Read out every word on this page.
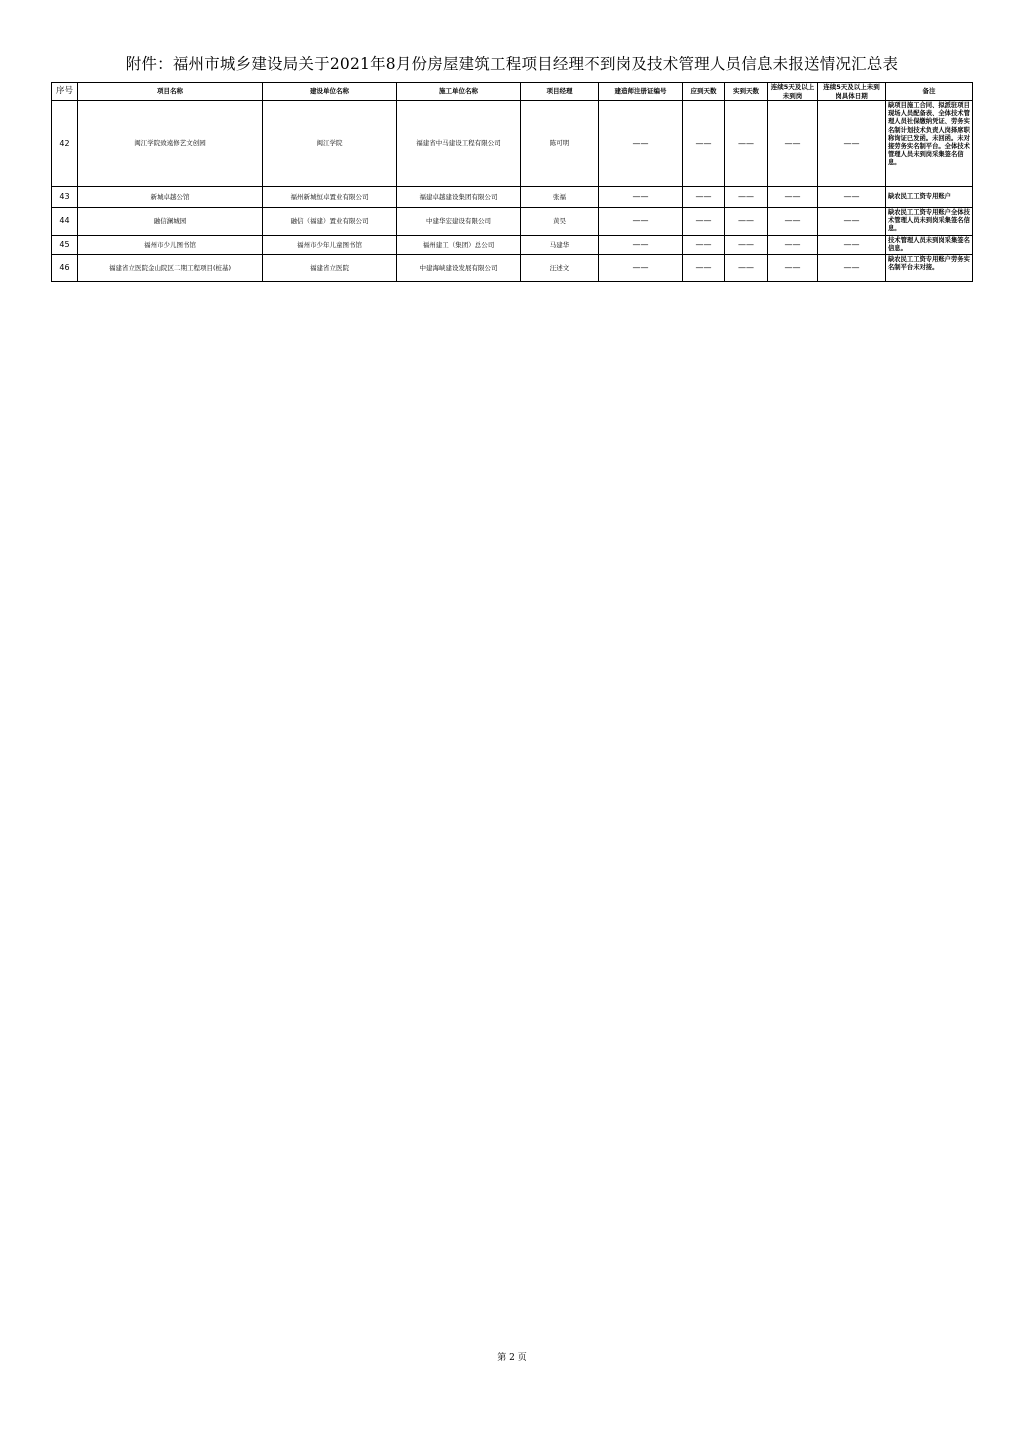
附件：福州市城乡建设局关于2021年8月份房屋建筑工程项目经理不到岗及技术管理人员信息未报送情况汇总表
序号	项目名称	建设单位名称	施工单位名称	项目经理	建造师注册证编号	应到天数	实到天数	连续5天及以上未到岗	连续5天及以上未到岗具体日期	备注
42	闽江学院致遠修艺文创园	闽江学院	福建省中马建设工程有限公司	陈可明	——	——	——	——	——	缺项目施工合同、拟派驻项目现场人员配备表、全体技术管理人员社保缴纳凭证、劳务实名制计划技术负责人岗择席职称询证已发函。未回函。未对接劳务实名制平台。全体技术管理人员未到岗采集签名信息。
43	新城卓越公馆	福州新城恒卓置业有限公司	福建卓越建设集团有限公司	张福	——	——	——	——	——	缺农民工工资专用账户
44	融信澜城园	融信（福建）置业有限公司	中建华宏建设有限公司	黄昊	——	——	——	——	——	缺农民工工资专用账户全体技术管理人员未到岗采集签名信息。
45	福州市少儿图书馆	福州市少年儿童图书馆	福州建工（集团）总公司	马建华	——	——	——	——	——	技术管理人员未到岗采集签名信息。
46	福建省立医院金山院区二期工程项目(桩基)	福建省立医院	中建海峡建设发展有限公司	汪述文	——	——	——	——	——	缺农民工工资专用账户劳务实名制平台未对接。
第 2 页
